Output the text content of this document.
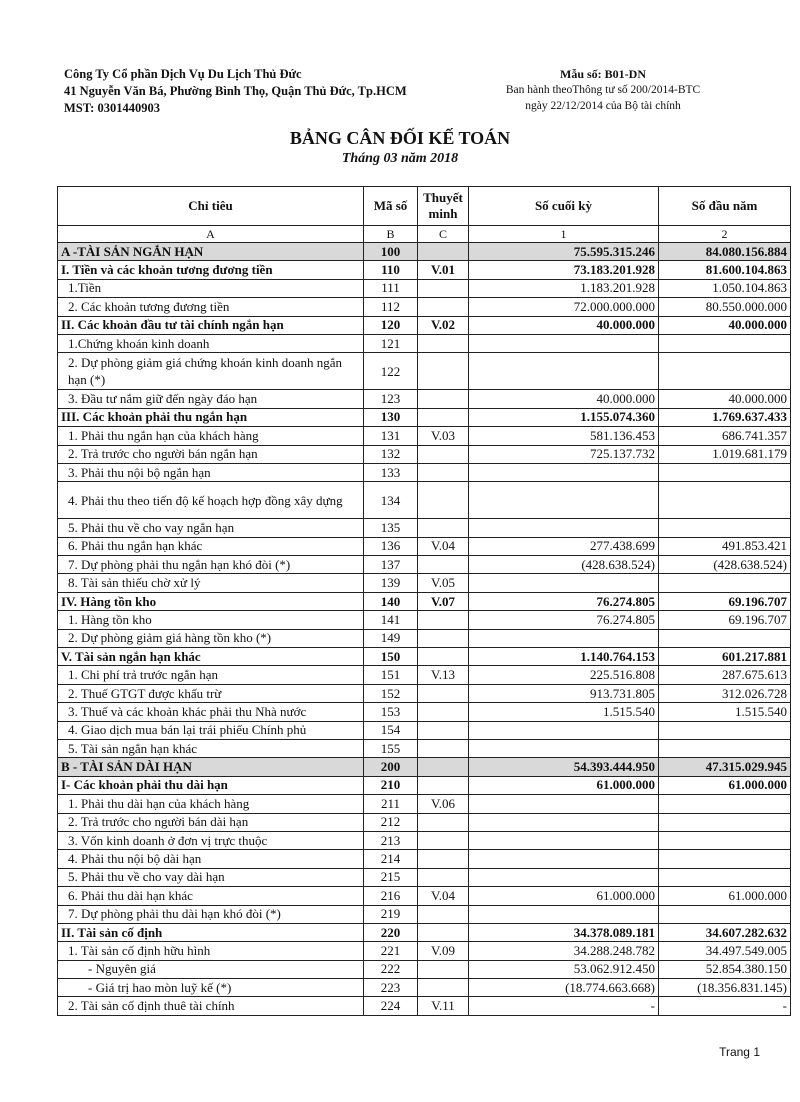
Công Ty Cổ phần Dịch Vụ Du Lịch Thủ Đức
41 Nguyễn Văn Bá, Phường Bình Thọ, Quận Thủ Đức, Tp.HCM
MST: 0301440903
Mẫu số: B01-DN
Ban hành theoThông tư số 200/2014-BTC
ngày 22/12/2014 của Bộ tài chính
BẢNG CÂN ĐỐI KẾ TOÁN
Tháng 03 năm 2018
Chỉ tiêu	Mã số	Thuyết minh	Số cuối kỳ	Số đầu năm
A	B	C	1	2
A -TÀI SẢN NGẮN HẠN	100		75.595.315.246	84.080.156.884
I. Tiền và các khoản tương đương tiền	110	V.01	73.183.201.928	81.600.104.863
1.Tiền	111		1.183.201.928	1.050.104.863
2. Các khoản tương đương tiền	112		72.000.000.000	80.550.000.000
II. Các khoản đầu tư tài chính ngắn hạn	120	V.02	40.000.000	40.000.000
1.Chứng khoán kinh doanh	121			
2. Dự phòng giảm giá chứng khoán kinh doanh ngắn hạn (*)	122			
3. Đầu tư nắm giữ đến ngày đáo hạn	123		40.000.000	40.000.000
III. Các khoản phải thu ngắn hạn	130		1.155.074.360	1.769.637.433
1. Phải thu ngắn hạn của khách hàng	131	V.03	581.136.453	686.741.357
2. Trả trước cho người bán ngắn hạn	132		725.137.732	1.019.681.179
3. Phải thu nội bộ ngắn hạn	133			
4. Phải thu theo tiến độ kế hoạch hợp đồng xây dựng	134			
5. Phải thu về cho vay ngắn hạn	135			
6. Phải thu ngắn hạn khác	136	V.04	277.438.699	491.853.421
7. Dự phòng phải thu ngắn hạn khó đòi (*)	137		(428.638.524)	(428.638.524)
8. Tài sản thiếu chờ xử lý	139	V.05		
IV. Hàng tồn kho	140	V.07	76.274.805	69.196.707
1. Hàng tồn kho	141		76.274.805	69.196.707
2. Dự phòng giảm giá hàng tồn kho (*)	149			
V. Tài sản ngắn hạn khác	150		1.140.764.153	601.217.881
1. Chi phí trả trước ngắn hạn	151	V.13	225.516.808	287.675.613
2. Thuế GTGT được khấu trừ	152		913.731.805	312.026.728
3. Thuế và các khoản khác phải thu Nhà nước	153		1.515.540	1.515.540
4. Giao dịch mua bán lại trái phiếu Chính phủ	154			
5. Tài sản ngắn hạn khác	155			
B - TÀI SẢN DÀI HẠN	200		54.393.444.950	47.315.029.945
I- Các khoản phải thu dài hạn	210		61.000.000	61.000.000
1. Phải thu dài hạn của khách hàng	211	V.06		
2. Trả trước cho người bán dài hạn	212			
3. Vốn kinh doanh ở đơn vị trực thuộc	213			
4. Phải thu nội bộ dài hạn	214			
5. Phải thu về cho vay dài hạn	215			
6. Phải thu dài hạn khác	216	V.04	61.000.000	61.000.000
7. Dự phòng phải thu dài hạn khó đòi (*)	219			
II. Tài sản cố định	220		34.378.089.181	34.607.282.632
1. Tài sản cố định hữu hình	221	V.09	34.288.248.782	34.497.549.005
- Nguyên giá	222		53.062.912.450	52.854.380.150
- Giá trị hao mòn luỹ kế (*)	223		(18.774.663.668)	(18.356.831.145)
2. Tài sản cố định thuê tài chính	224	V.11	-	-
Trang 1
